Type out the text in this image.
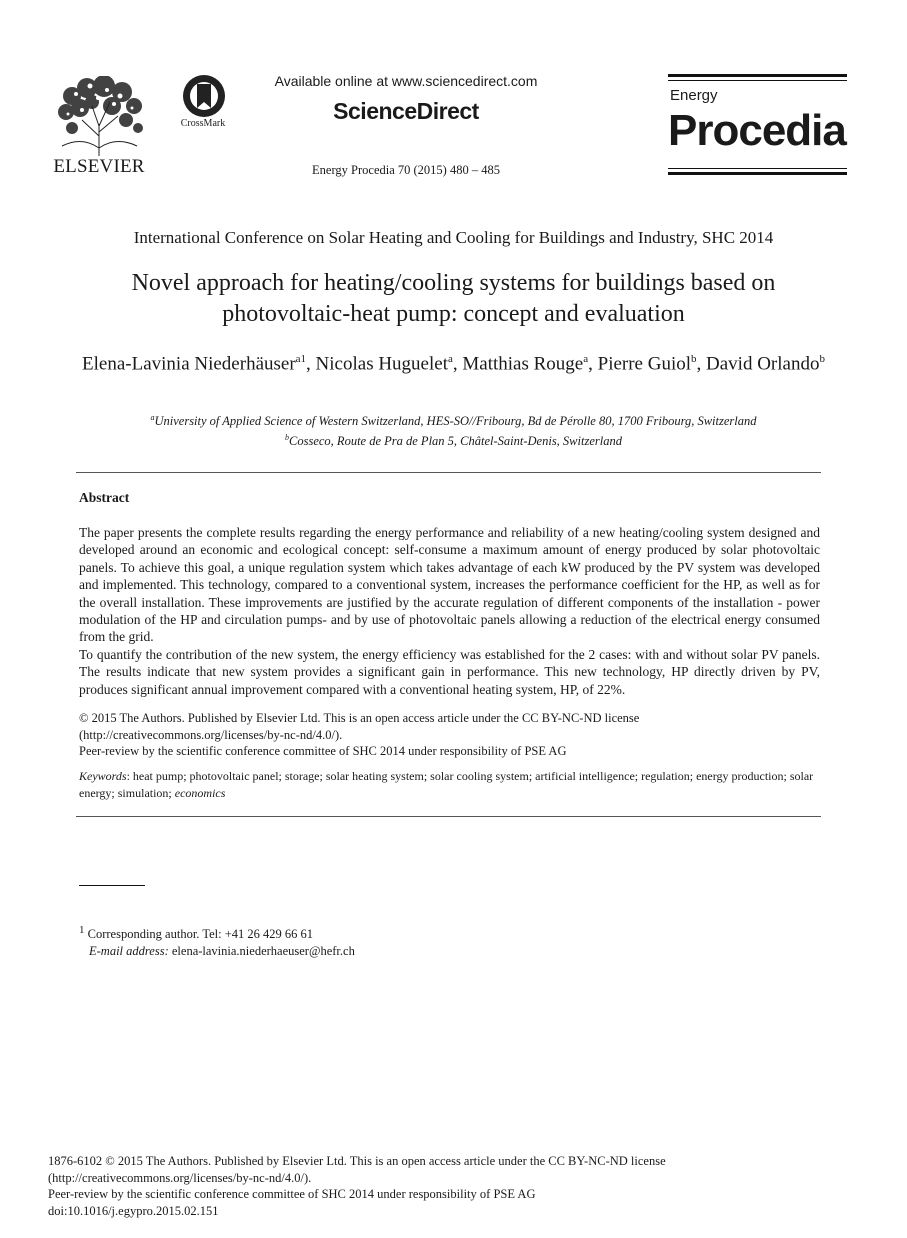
ELSEVIER
CrossMark
Available online at www.sciencedirect.com
ScienceDirect
Energy Procedia 70 (2015) 480 – 485
Energy
Procedia
International Conference on Solar Heating and Cooling for Buildings and Industry, SHC 2014
Novel approach for heating/cooling systems for buildings based on
photovoltaic-heat pump: concept and evaluation
Elena-Lavinia Niederhäuser$^{a1}$, Nicolas Huguelet$^a$, Matthias Rouge$^a$, Pierre Guiol$^b$, David Orlando$^b$
$^a$University of Applied Science of Western Switzerland, HES-SO//Fribourg, Bd de Pérolle 80, 1700 Fribourg, Switzerland
$^b$Cosseco, Route de Pra de Plan 5, Châtel-Saint-Denis, Switzerland
Abstract

The paper presents the complete results regarding the energy performance and reliability of a new heating/cooling system designed and developed around an economic and ecological concept: self-consume a maximum amount of energy produced by solar photovoltaic panels. To achieve this goal, a unique regulation system which takes advantage of each kW produced by the PV system was developed and implemented. This technology, compared to a conventional system, increases the performance coefficient for the HP, as well as for the overall installation. These improvements are justified by the accurate regulation of different components of the installation - power modulation of the HP and circulation pumps- and by use of photovoltaic panels allowing a reduction of the electrical energy consumed from the grid.

To quantify the contribution of the new system, the energy efficiency was established for the 2 cases: with and without solar PV panels. The results indicate that new system provides a significant gain in performance. This new technology, HP directly driven by PV, produces significant annual improvement compared with a conventional heating system, HP, of 22%.

© 2015 The Authors. Published by Elsevier Ltd. This is an open access article under the CC BY-NC-ND license

(http://creativecommons.org/licenses/by-nc-nd/4.0/).

Peer-review by the scientific conference committee of SHC 2014 under responsibility of PSE AG

Keywords: heat pump; photovoltaic panel; storage; solar heating system; solar cooling system; artificial intelligence; regulation; energy production; solar energy; simulation; economics
$^1$ Corresponding author. Tel: +41 26 429 66 61
E-mail address: elena-lavinia.niederhaeuser@hefr.ch
1876-6102 © 2015 The Authors. Published by Elsevier Ltd. This is an open access article under the CC BY-NC-ND license
(http://creativecommons.org/licenses/by-nc-nd/4.0/).
Peer-review by the scientific conference committee of SHC 2014 under responsibility of PSE AG
doi:10.1016/j.egypro.2015.02.151
